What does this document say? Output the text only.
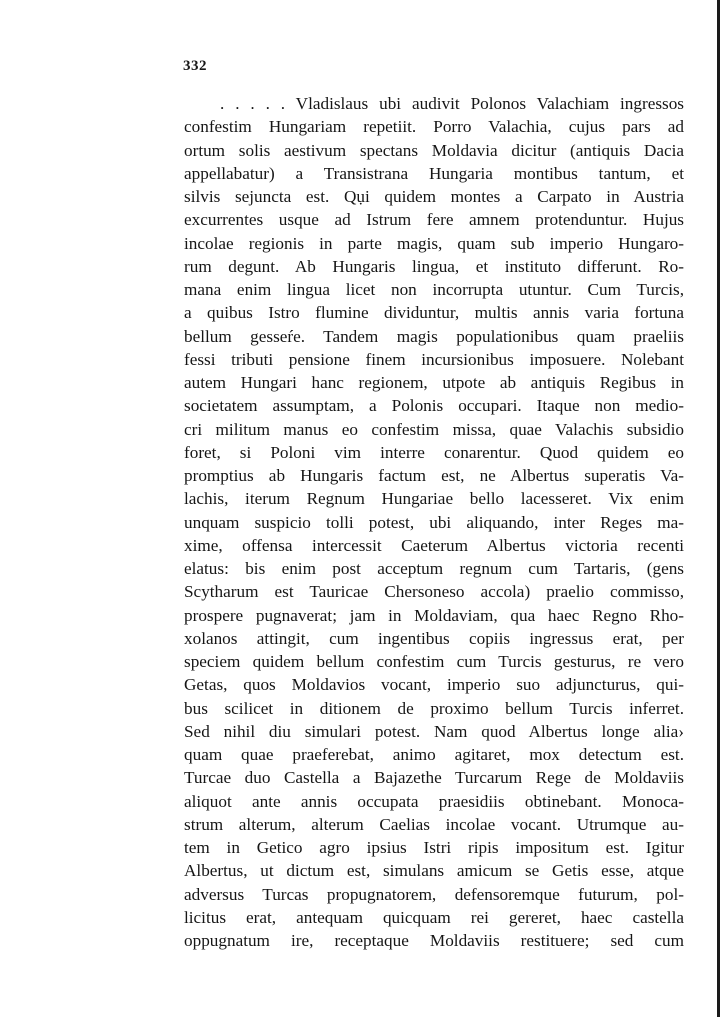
332
. . . . . Vladislaus ubi audivit Polonos Valachiam ingressos
confestim Hungariam repetiit. Porro Valachia, cujus pars ad
ortum solis aestivum spectans Moldavia dicitur (antiquis Dacia
appellabatur) a Transistrana Hungaria montibus tantum, et
silvis sejuncta est. Qụi quidem montes a Carpato in Austria
excurrentes usque ad Istrum fere amnem protenduntur. Hujus
incolae regionis in parte magis, quam sub imperio Hungaro-
rum degunt. Ab Hungaris lingua, et instituto differunt. Ro-
mana enim lingua licet non incorrupta utuntur. Cum Turcis,
a quibus Istro flumine dividuntur, multis annis varia fortuna
bellum gesseŕe. Tandem magis populationibus quam praeliis
fessi tributi pensione finem incursionibus imposuere. Nolebant
autem Hungari hanc regionem, utpote ab antiquis Regibus in
societatem assumptam, a Polonis occupari. Itaque non medio-
cri militum manus eo confestim missa, quae Valachis subsidio
foret, si Poloni vim interre conarentur. Quod quidem eo
promptius ab Hungaris factum est, ne Albertus superatis Va-
lachis, iterum Regnum Hungariae bello lacesseret. Vix enim
unquam suspicio tolli potest, ubi aliquando, inter Reges ma-
xime, offensa intercessit Caeterum Albertus victoria recenti
elatus: bis enim post acceptum regnum cum Tartaris, (gens
Scytharum est Tauricae Chersoneso accola) praelio commisso,
prospere pugnaverat; jam in Moldaviam, qua haec Regno Rho-
xolanos attingit, cum ingentibus copiis ingressus erat, per
speciem quidem bellum confestim cum Turcis gesturus, re vero
Getas, quos Moldavios vocant, imperio suo adjuncturus, qui-
bus scilicet in ditionem de proximo bellum Turcis inferret.
Sed nihil diu simulari potest. Nam quod Albertus longe alia›
quam quae praeferebat, animo agitaret, mox detectum est.
Turcae duo Castella a Bajazethe Turcarum Rege de Moldaviis
aliquot ante annis occupata praesidiis obtinebant. Monoca-
strum alterum, alterum Caelias incolae vocant. Utrumque au-
tem in Getico agro ipsius Istri ripis impositum est. Igitur
Albertus, ut dictum est, simulans amicum se Getis esse, atque
adversus Turcas propugnatorem, defensoremque futurum, pol-
licitus erat, antequam quicquam rei gereret, haec castella
oppugnatum ire, receptaque Moldaviis restituere; sed cum
